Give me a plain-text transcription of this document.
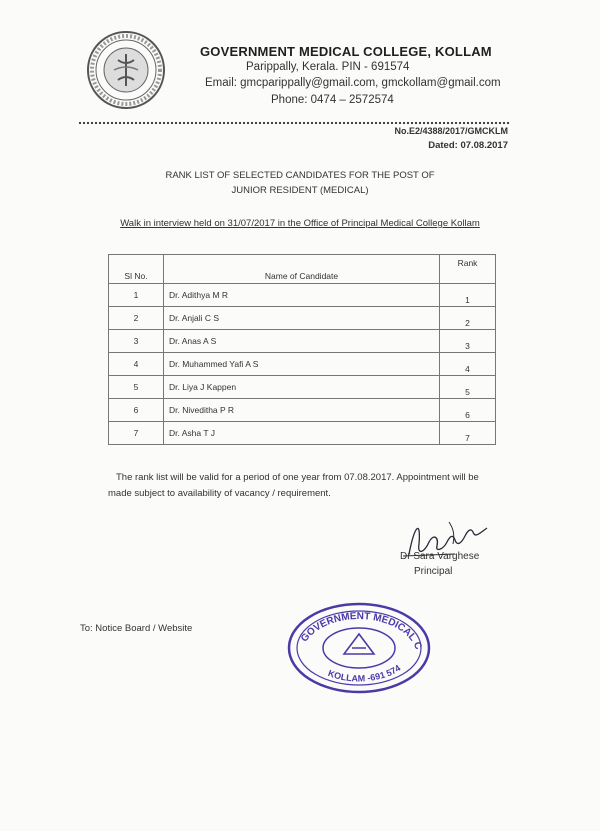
GOVERNMENT MEDICAL COLLEGE, KOLLAM
Parippally, Kerala. PIN - 691574
Email: gmcparippally@gmail.com, gmckollam@gmail.com
Phone: 0474 – 2572574
No.E2/4388/2017/GMCKLM
Dated: 07.08.2017
RANK LIST OF SELECTED CANDIDATES FOR THE POST OF
JUNIOR RESIDENT (MEDICAL)
Walk in interview held on 31/07/2017 in the Office of Principal Medical College Kollam
Sl No.	Name of Candidate	Rank
1	Dr. Adithya M R	1
2	Dr. Anjali C S	2
3	Dr. Anas A S	3
4	Dr. Muhammed Yafi A S	4
5	Dr. Liya J Kappen	5
6	Dr. Niveditha P R	6
7	Dr. Asha T J	7
The rank list will be valid for a period of one year from 07.08.2017. Appointment will be
made subject to availability of vacancy / requirement.
Dr Sara Varghese
Principal
To: Notice Board / Website
GOVERNMENT MEDICAL C
KOLLAM -691 574
